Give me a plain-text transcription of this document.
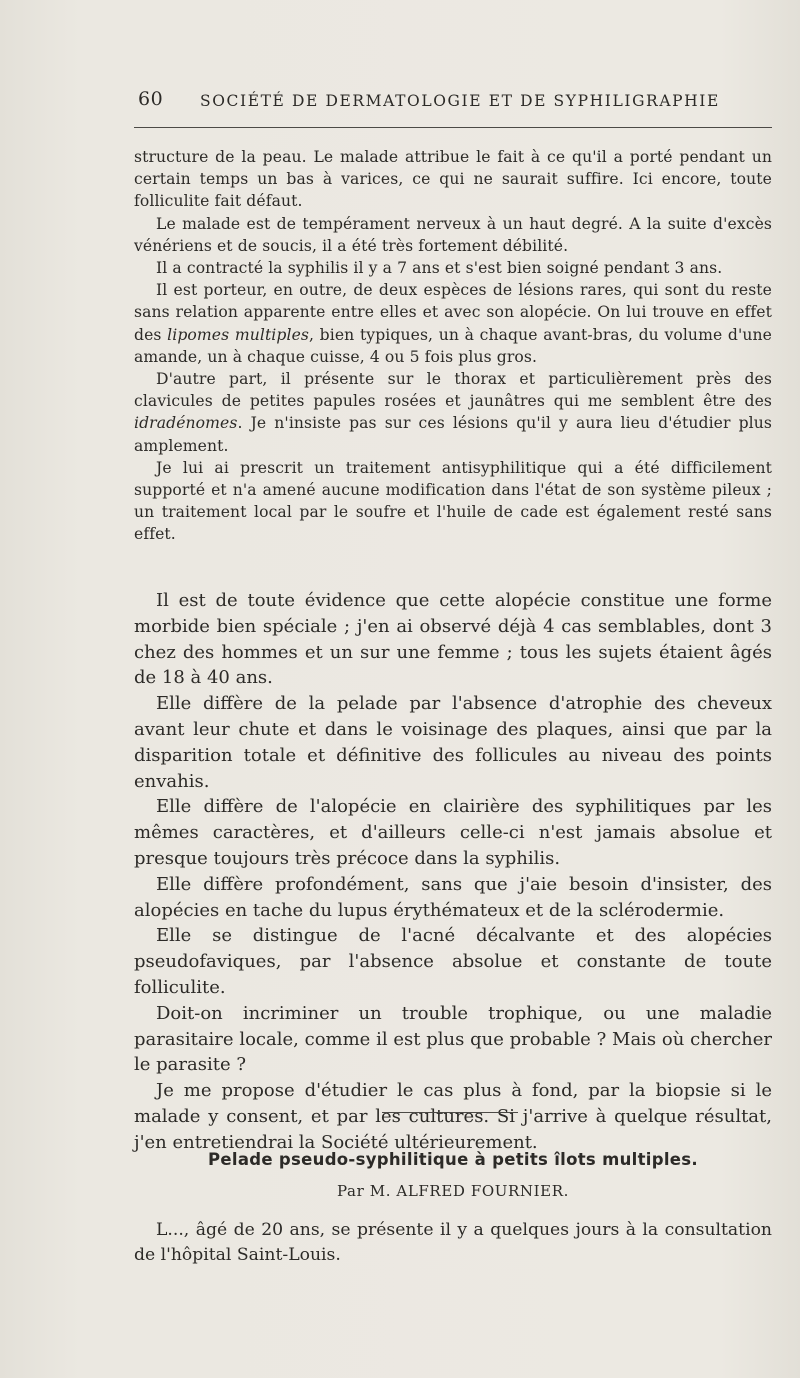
60 SOCIÉTÉ DE DERMATOLOGIE ET DE SYPHILIGRAPHIE

structure de la peau. Le malade attribue le fait à ce qu'il a porté pendant un certain temps un bas à varices, ce qui ne saurait suffire. Ici encore, toute folliculite fait défaut.

Le malade est de tempérament nerveux à un haut degré. A la suite d'excès vénériens et de soucis, il a été très fortement débilité.

Il a contracté la syphilis il y a 7 ans et s'est bien soigné pendant 3 ans.

Il est porteur, en outre, de deux espèces de lésions rares, qui sont du reste sans relation apparente entre elles et avec son alopécie. On lui trouve en effet des lipomes multiples, bien typiques, un à chaque avant-bras, du volume d'une amande, un à chaque cuisse, 4 ou 5 fois plus gros.

D'autre part, il présente sur le thorax et particulièrement près des clavicules de petites papules rosées et jaunâtres qui me semblent être des idradénomes. Je n'insiste pas sur ces lésions qu'il y aura lieu d'étudier plus amplement.

Je lui ai prescrit un traitement antisyphilitique qui a été difficilement supporté et n'a amené aucune modification dans l'état de son système pileux ; un traitement local par le soufre et l'huile de cade est également resté sans effet.

Il est de toute évidence que cette alopécie constitue une forme morbide bien spéciale ; j'en ai observé déjà 4 cas semblables, dont 3 chez des hommes et un sur une femme ; tous les sujets étaient âgés de 18 à 40 ans.

Elle diffère de la pelade par l'absence d'atrophie des cheveux avant leur chute et dans le voisinage des plaques, ainsi que par la disparition totale et définitive des follicules au niveau des points envahis.

Elle diffère de l'alopécie en clairière des syphilitiques par les mêmes caractères, et d'ailleurs celle-ci n'est jamais absolue et presque toujours très précoce dans la syphilis.

Elle diffère profondément, sans que j'aie besoin d'insister, des alopécies en tache du lupus érythémateux et de la sclérodermie.

Elle se distingue de l'acné décalvante et des alopécies pseudofaviques, par l'absence absolue et constante de toute folliculite.

Doit-on incriminer un trouble trophique, ou une maladie parasitaire locale, comme il est plus que probable ? Mais où chercher le parasite ?

Je me propose d'étudier le cas plus à fond, par la biopsie si le malade y consent, et par les cultures. Si j'arrive à quelque résultat, j'en entretiendrai la Société ultérieurement.

Pelade pseudo-syphilitique à petits îlots multiples.
Par M. ALFRED FOURNIER.

L..., âgé de 20 ans, se présente il y a quelques jours à la consultation de l'hôpital Saint-Louis.
